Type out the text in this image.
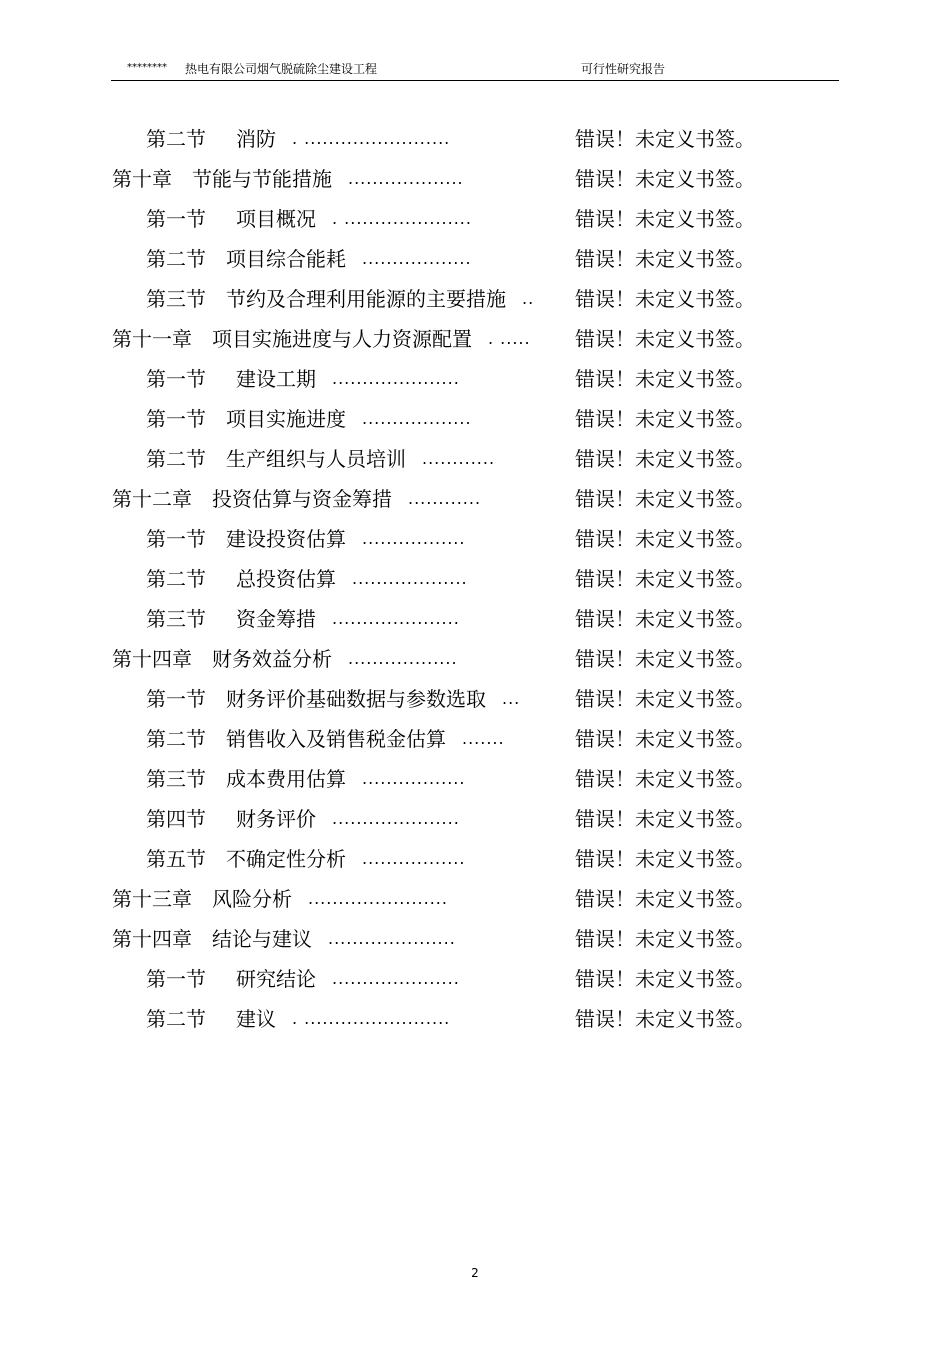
******** 热电有限公司烟气脱硫除尘建设工程	可行性研究报告
第二节 消防 . ........................	错误！未定义书签。
第十章 节能与节能措施 ...................	错误！未定义书签。
第一节 项目概况 . .....................	错误！未定义书签。
第二节 项目综合能耗 ..................	错误！未定义书签。
第三节 节约及合理利用能源的主要措施 .. 错误！未定义书签。
第十一章 项目实施进度与人力资源配置 . ..... 错误！未定义书签。
第一节 建设工期 .....................	错误！未定义书签。
第一节 项目实施进度 ..................	错误！未定义书签。
第二节 生产组织与人员培训 ............	错误！未定义书签。
第十二章 投资估算与资金筹措 ............	错误！未定义书签。
第一节 建设投资估算 .................	错误！未定义书签。
第二节 总投资估算 ...................	错误！未定义书签。
第三节 资金筹措 .....................	错误！未定义书签。
第十四章 财务效益分析 ..................	错误！未定义书签。
第一节 财务评价基础数据与参数选取 ...	错误！未定义书签。
第二节 销售收入及销售税金估算 .......	错误！未定义书签。
第三节 成本费用估算 .................	错误！未定义书签。
第四节 财务评价 .....................	错误！未定义书签。
第五节 不确定性分析 .................	错误！未定义书签。
第十三章 风险分析 .......................	错误！未定义书签。
第十四章 结论与建议 .....................	错误！未定义书签。
第一节 研究结论 .....................	错误！未定义书签。
第二节 建议 . ........................	错误！未定义书签。
2
